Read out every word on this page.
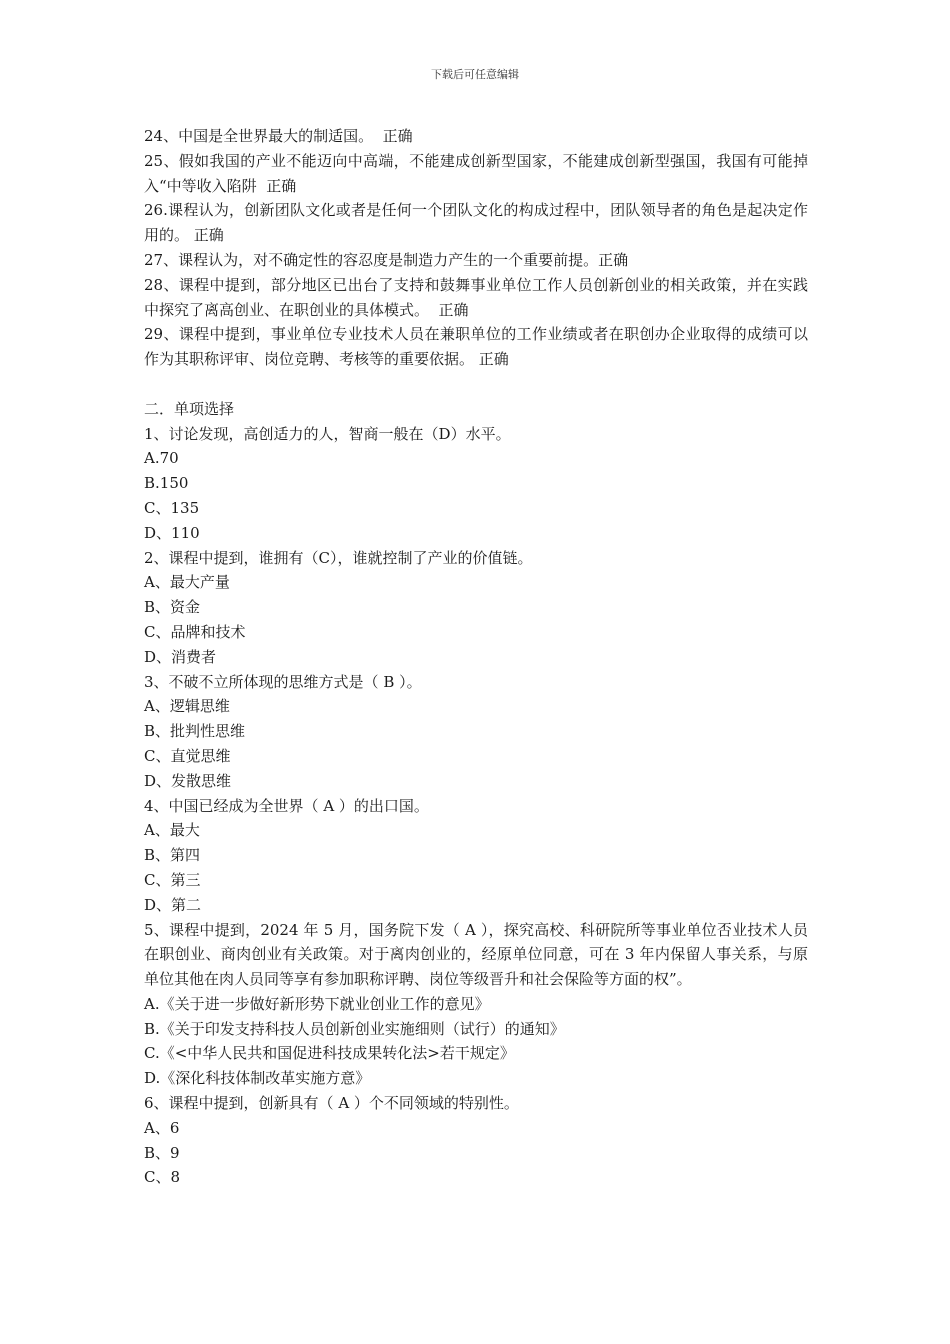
下载后可任意编辑

24、中国是全世界最大的制适国。  正确

25、假如我国的产业不能迈向中高端，不能建成创新型国家，不能建成创新型强国，我国有可能掉入“中等收入陷阱  正确

26.课程认为，创新团队文化或者是任何一个团队文化的构成过程中，团队领导者的角色是起决定作用的。 正确

27、课程认为，对不确定性的容忍度是制造力产生的一个重要前提。正确

28、课程中提到，部分地区已出台了支持和鼓舞事业单位工作人员创新创业的相关政策，并在实践中探究了离高创业、在职创业的具体模式。  正确

29、课程中提到，事业单位专业技术人员在兼职单位的工作业绩或者在职创办企业取得的成绩可以作为其职称评审、岗位竞聘、考核等的重要依据。 正确

二．单项选择

1、讨论发现，高创适力的人，智商一般在（D）水平。

A.70

B.150

C、135

D、110

2、课程中提到，谁拥有（C），谁就控制了产业的价值链。

A、最大产量

B、资金

C、品牌和技术

D、消费者

3、不破不立所体现的思维方式是（ B ）。

A、逻辑思维

B、批判性思维

C、直觉思维

D、发散思维

4、中国已经成为全世界（ A ）的出口国。

A、最大

B、第四

C、第三

D、第二

5、课程中提到，2024 年 5 月，国务院下发（ A ），探究高校、科研院所等事业单位否业技术人员在职创业、商肉创业有关政策。对于离肉创业的，经原单位同意，可在 3 年内保留人事关系，与原单位其他在肉人员同等享有参加职称评聘、岗位等级晋升和社会保险等方面的权”。

A.《关于进一步做好新形势下就业创业工作的意见》

B.《关于印发支持科技人员创新创业实施细则（试行）的通知》

C.《<中华人民共和国促进科技成果转化法>若干规定》

D.《深化科技体制改革实施方意》

6、课程中提到，创新具有（ A ）个不同领域的特别性。

A、6

B、9

C、8
